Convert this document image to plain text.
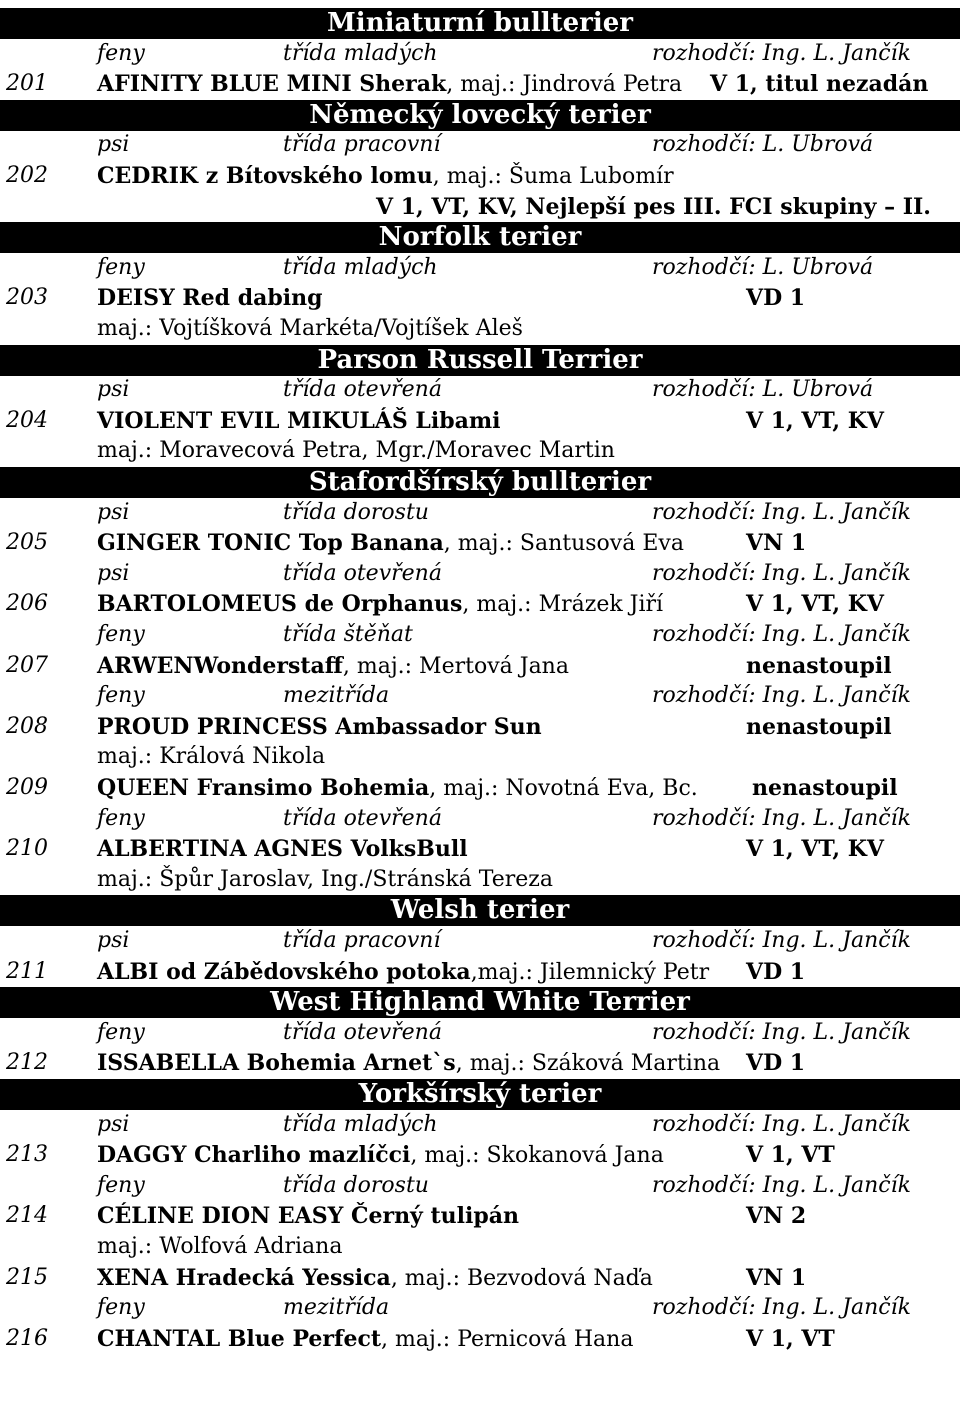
Miniaturní bullterier
feny	třída mladých	rozhodčí: Ing. L. Jančík
201 AFINITY BLUE MINI Sherak, maj.: Jindrová Petra V 1, titul nezadán
Německý lovecký terier
psi	třída pracovní	rozhodčí: L. Ubrová
202 CEDRIK z Bítovského lomu, maj.: Šuma Lubomír
V 1, VT, KV, Nejlepší pes III. FCI skupiny – II.
Norfolk terier
feny	třída mladých	rozhodčí: L. Ubrová
203 DEISY Red dabing	VD 1
maj.: Vojtíšková Markéta/Vojtíšek Aleš
Parson Russell Terrier
psi	třída otevřená	rozhodčí: L. Ubrová
204 VIOLENT EVIL MIKULÁŠ Libami	V 1, VT, KV
maj.: Moravecová Petra, Mgr./Moravec Martin
Stafordšírský bullterier
psi	třída dorostu	rozhodčí: Ing. L. Jančík
205 GINGER TONIC Top Banana, maj.: Santusová Eva	VN 1
psi	třída otevřená	rozhodčí: Ing. L. Jančík
206 BARTOLOMEUS de Orphanus, maj.: Mrázek Jiří	V 1, VT, KV
feny	třída štěňat	rozhodčí: Ing. L. Jančík
207 ARWENWonderstaff, maj.: Mertová Jana	nenastoupil
feny	mezitřída	rozhodčí: Ing. L. Jančík
208 PROUD PRINCESS Ambassador Sun	nenastoupil
maj.: Králová Nikola
209 QUEEN Fransimo Bohemia, maj.: Novotná Eva, Bc. nenastoupil
feny	třída otevřená	rozhodčí: Ing. L. Jančík
210 ALBERTINA AGNES VolksBull	V 1, VT, KV
maj.: Špůr Jaroslav, Ing./Stránská Tereza
Welsh terier
psi	třída pracovní	rozhodčí: Ing. L. Jančík
211 ALBI od Zábědovského potoka,maj.: Jilemnický Petr VD 1
West Highland White Terrier
feny	třída otevřená	rozhodčí: Ing. L. Jančík
212 ISSABELLA Bohemia Arnet`s, maj.: Száková Martina VD 1
Yorkšírský terier
psi	třída mladých	rozhodčí: Ing. L. Jančík
213 DAGGY Charliho mazlíčci, maj.: Skokanová Jana	V 1, VT
feny	třída dorostu	rozhodčí: Ing. L. Jančík
214 CÉLINE DION EASY Černý tulipán	VN 2
maj.: Wolfová Adriana
215 XENA Hradecká Yessica, maj.: Bezvodová Naďa	VN 1
feny	mezitřída	rozhodčí: Ing. L. Jančík
216 CHANTAL Blue Perfect, maj.: Pernicová Hana	V 1, VT
